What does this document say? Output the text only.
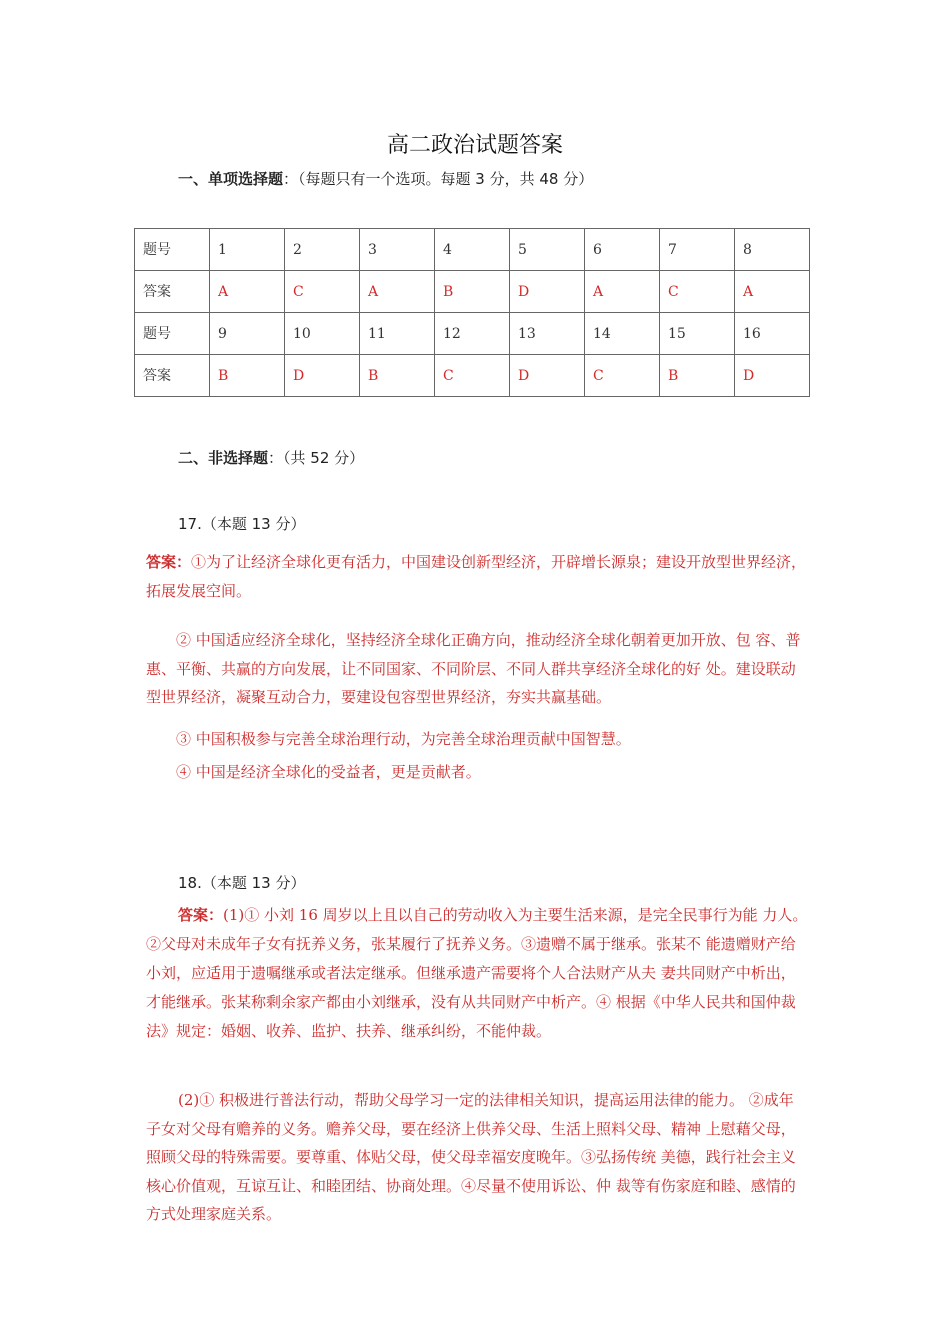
高二政治试题答案
一、单项选择题：（每题只有一个选项。每题 3 分，共 48 分）
题号	1	2	3	4	5	6	7	8
答案	A	C	A	B	D	A	C	A
题号	9	10	11	12	13	14	15	16
答案	B	D	B	C	D	C	B	D
二、非选择题：（共 52 分）
17.（本题 13 分）
答案：①为了让经济全球化更有活力，中国建设创新型经济，开辟增长源泉；建设开放型世界经济，拓展发展空间。
② 中国适应经济全球化，坚持经济全球化正确方向，推动经济全球化朝着更加开放、包 容、普惠、平衡、共赢的方向发展，让不同国家、不同阶层、不同人群共享经济全球化的好 处。建设联动型世界经济，凝聚互动合力，要建设包容型世界经济，夯实共赢基础。
③ 中国积极参与完善全球治理行动，为完善全球治理贡献中国智慧。
④ 中国是经济全球化的受益者，更是贡献者。
18.（本题 13 分）
答案：(1)① 小刘 16 周岁以上且以自己的劳动收入为主要生活来源，是完全民事行为能 力人。②父母对未成年子女有抚养义务，张某履行了抚养义务。③遗赠不属于继承。张某不 能遗赠财产给小刘，应适用于遗嘱继承或者法定继承。但继承遗产需要将个人合法财产从夫 妻共同财产中析出，才能继承。张某称剩余家产都由小刘继承，没有从共同财产中析产。④ 根据《中华人民共和国仲裁法》规定：婚姻、收养、监护、扶养、继承纠纷，不能仲裁。
(2)① 积极进行普法行动，帮助父母学习一定的法律相关知识，提高运用法律的能力。 ②成年子女对父母有赡养的义务。赡养父母，要在经济上供养父母、生活上照料父母、精神 上慰藉父母，照顾父母的特殊需要。要尊重、体贴父母，使父母幸福安度晚年。③弘扬传统 美德，践行社会主义核心价值观，互谅互让、和睦团结、协商处理。④尽量不使用诉讼、仲 裁等有伤家庭和睦、感情的方式处理家庭关系。
